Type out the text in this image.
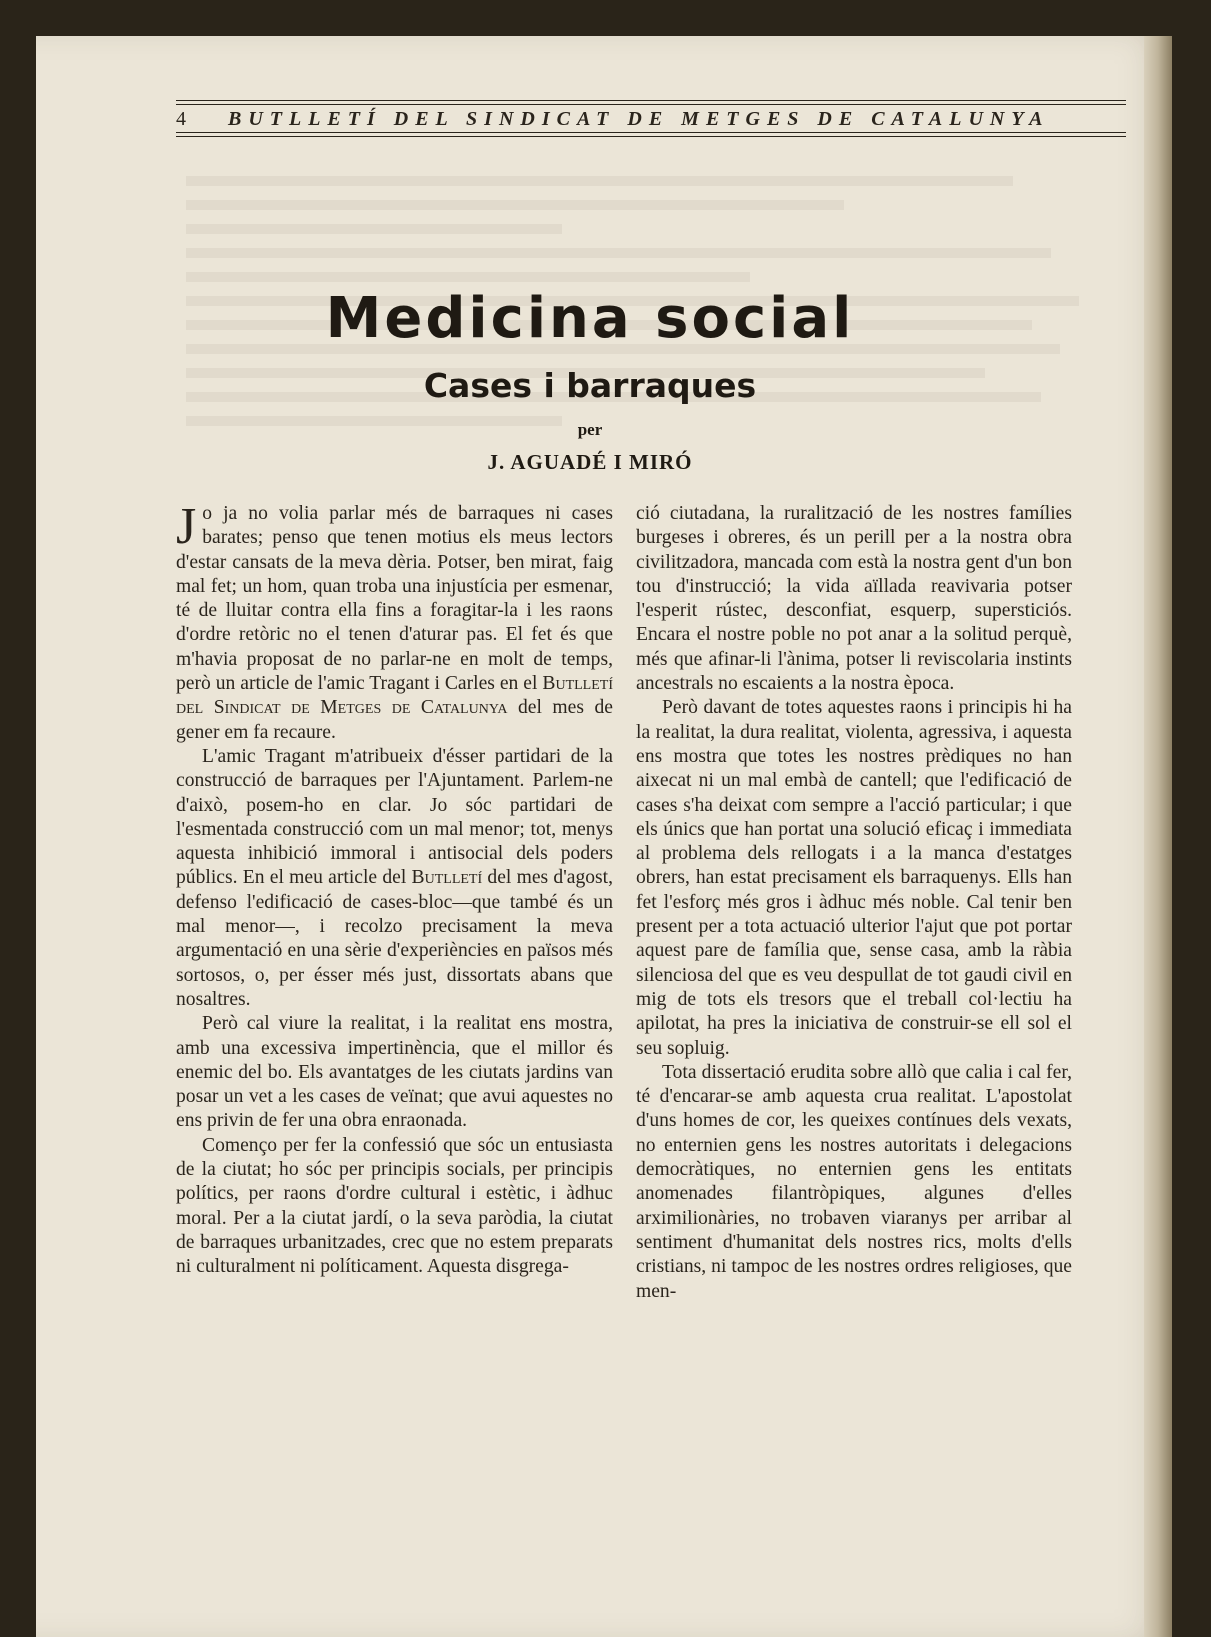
4	BUTLLETÍ DEL SINDICAT DE METGES DE CATALUNYA
Medicina social
Cases i barraques
per
J. AGUADÉ I MIRÓ

Jo ja no volia parlar més de barraques ni cases barates; penso que tenen motius els meus lectors d'estar cansats de la meva dèria. Potser, ben mirat, faig mal fet; un hom, quan troba una injustícia per esmenar, té de lluitar contra ella fins a foragitar-la i les raons d'ordre retòric no el tenen d'aturar pas. El fet és que m'havia proposat de no parlar-ne en molt de temps, però un article de l'amic Tragant i Carles en el Butlletí del Sindicat de Metges de Catalunya del mes de gener em fa recaure.

L'amic Tragant m'atribueix d'ésser partidari de la construcció de barraques per l'Ajuntament. Parlem-ne d'això, posem-ho en clar. Jo sóc partidari de l'esmentada construcció com un mal menor; tot, menys aquesta inhibició immoral i antisocial dels poders públics. En el meu article del Butlletí del mes d'agost, defenso l'edificació de cases-bloc—que també és un mal menor—, i recolzo precisament la meva argumentació en una sèrie d'experiències en països més sortosos, o, per ésser més just, dissortats abans que nosaltres.

Però cal viure la realitat, i la realitat ens mostra, amb una excessiva impertinència, que el millor és enemic del bo. Els avantatges de les ciutats jardins van posar un vet a les cases de veïnat; que avui aquestes no ens privin de fer una obra enraonada.

Començo per fer la confessió que sóc un entusiasta de la ciutat; ho sóc per principis socials, per principis polítics, per raons d'ordre cultural i estètic, i àdhuc moral. Per a la ciutat jardí, o la seva paròdia, la ciutat de barraques urbanitzades, crec que no estem preparats ni culturalment ni políticament. Aquesta disgrega-

ció ciutadana, la ruralització de les nostres famílies burgeses i obreres, és un perill per a la nostra obra civilitzadora, mancada com està la nostra gent d'un bon tou d'instrucció; la vida aïllada reavivaria potser l'esperit rústec, desconfiat, esquerp, supersticiós. Encara el nostre poble no pot anar a la solitud perquè, més que afinar-li l'ànima, potser li reviscolaria instints ancestrals no escaients a la nostra època.

Però davant de totes aquestes raons i principis hi ha la realitat, la dura realitat, violenta, agressiva, i aquesta ens mostra que totes les nostres prèdiques no han aixecat ni un mal embà de cantell; que l'edificació de cases s'ha deixat com sempre a l'acció particular; i que els únics que han portat una solució eficaç i immediata al problema dels rellogats i a la manca d'estatges obrers, han estat precisament els barraquenys. Ells han fet l'esforç més gros i àdhuc més noble. Cal tenir ben present per a tota actuació ulterior l'ajut que pot portar aquest pare de família que, sense casa, amb la ràbia silenciosa del que es veu despullat de tot gaudi civil en mig de tots els tresors que el treball col·lectiu ha apilotat, ha pres la iniciativa de construir-se ell sol el seu sopluig.

Tota dissertació erudita sobre allò que calia i cal fer, té d'encarar-se amb aquesta crua realitat. L'apostolat d'uns homes de cor, les queixes contínues dels vexats, no enternien gens les nostres autoritats i delegacions democràtiques, no enternien gens les entitats anomenades filantròpiques, algunes d'elles arximilionàries, no trobaven viaranys per arribar al sentiment d'humanitat dels nostres rics, molts d'ells cristians, ni tampoc de les nostres ordres religioses, que men-
